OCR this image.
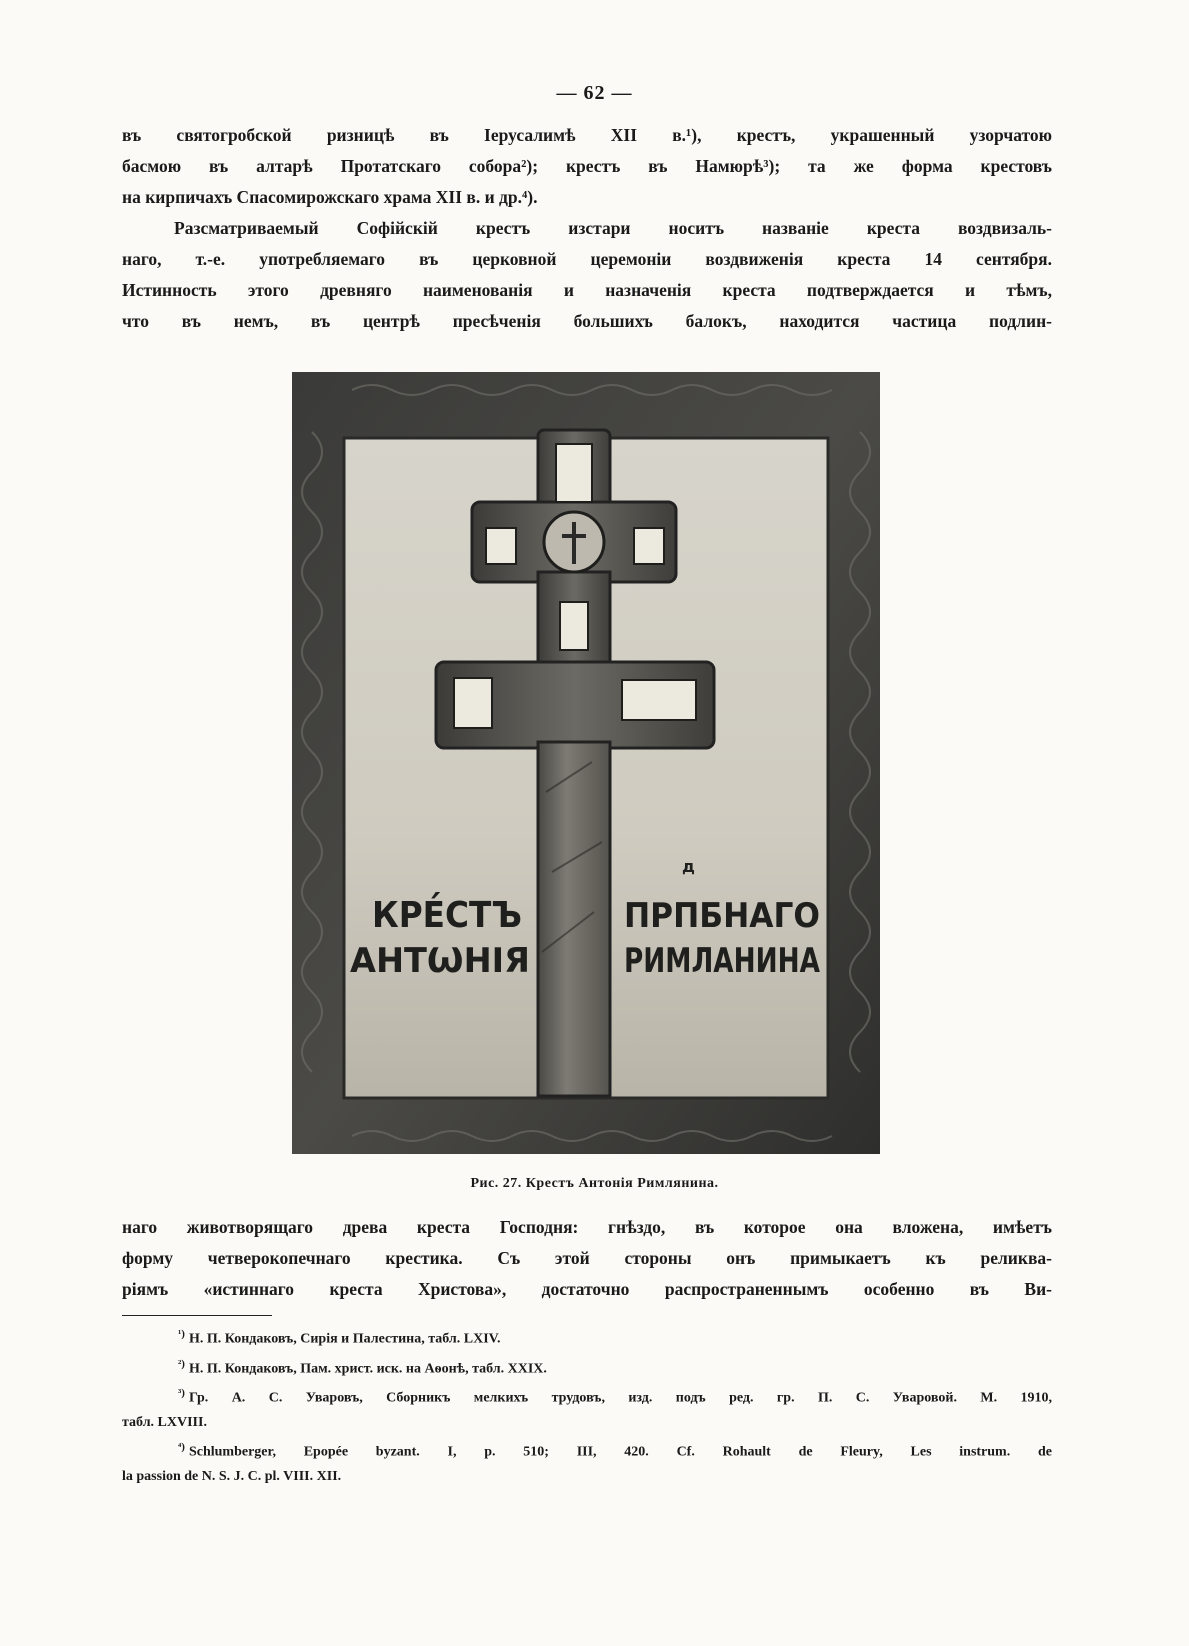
— 62 —
въ святогробской ризницѣ въ Іерусалимѣ XII в.¹), крестъ, украшенный узорчатою
басмою въ алтарѣ Протатскаго собора²); крестъ въ Намюрѣ³); та же форма крестовъ
на кирпичахъ Спасомирожскаго храма XII в. и др.⁴).
Разсматриваемый Софійскій крестъ изстари носитъ названіе креста воздвизаль-
наго, т.-е. употребляемаго въ церковной церемоніи воздвиженія креста 14 сентября.
Истинность этого древняго наименованія и назначенія креста подтверждается и тѣмъ,
что въ немъ, въ центрѣ пресѣченія большихъ балокъ, находится частица подлин-
КРЕ́СТЪ
АНТѠНІЯ
д
ПРПБНАГО
РИМЛАНИНА
Рис. 27. Крестъ Антонія Римлянина.
наго животворящаго древа креста Господня: гнѣздо, въ которое она вложена, имѣетъ
форму четверокопечнаго крестика. Съ этой стороны онъ примыкаетъ къ реликва-
ріямъ «истиннаго креста Христова», достаточно распространеннымъ особенно въ Ви-
$^{^1)}$ Н. П. Кондаковъ, Сирія и Палестина, табл. LXIV.
$^{^2)}$ Н. П. Кондаковъ, Пам. христ. иск. на Аѳонѣ, табл. XXIX.
$^{^3)}$ Гр. А. С. Уваровъ, Сборникъ мелкихъ трудовъ, изд. подъ ред. гр. П. С. Уваровой. М. 1910,
табл. LXVIII.
$^{^4)}$ Schlumberger, Epopée byzant. I, p. 510; III, 420. Cf. Rohault de Fleury, Les instrum. de
la passion de N. S. J. C. pl. VIII. XII.
